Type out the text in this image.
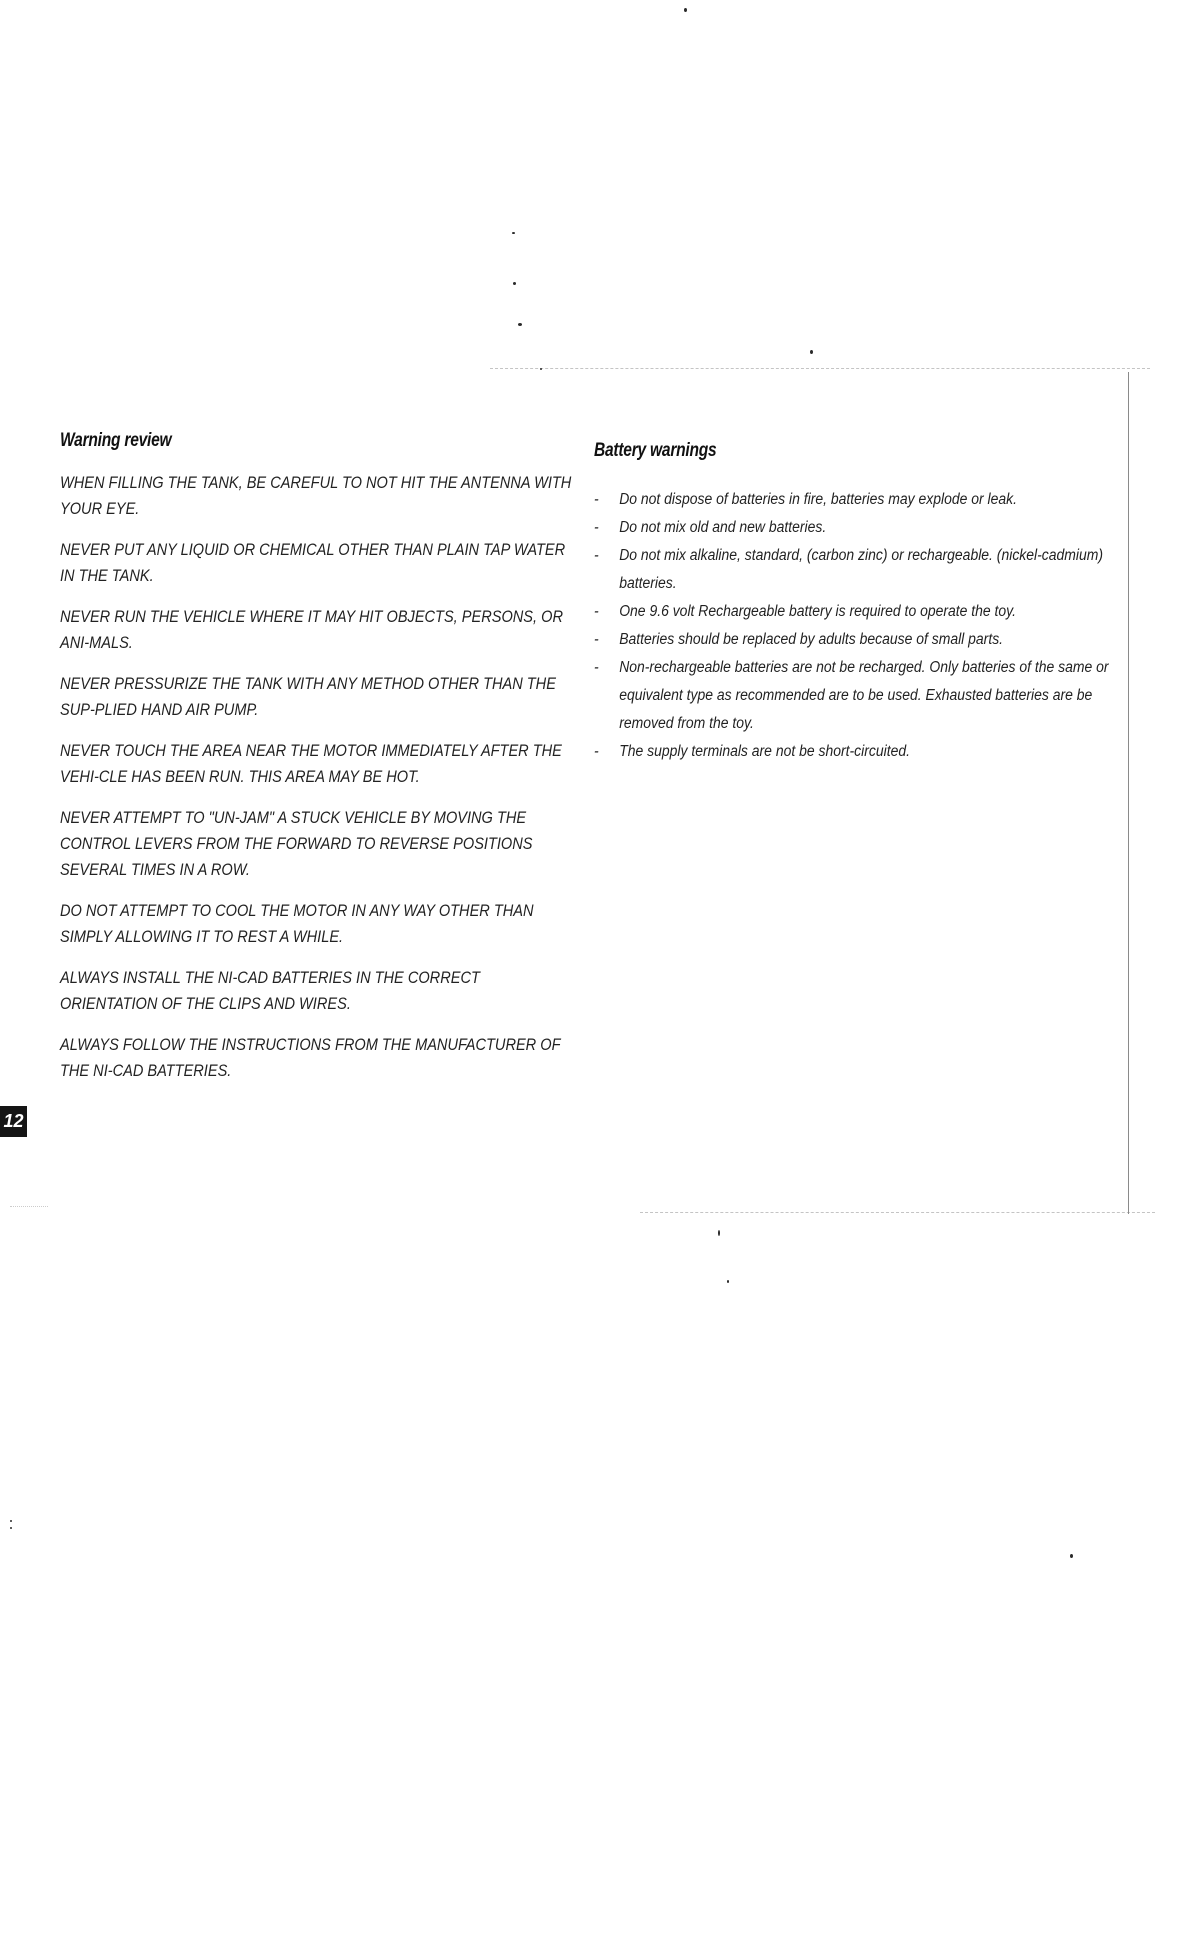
Warning review

WHEN FILLING THE TANK, BE CAREFUL TO NOT HIT THE ANTENNA WITH YOUR EYE.

NEVER PUT ANY LIQUID OR CHEMICAL OTHER THAN PLAIN TAP WATER IN THE TANK.

NEVER RUN THE VEHICLE WHERE IT MAY HIT OBJECTS, PERSONS, OR ANI-MALS.

NEVER PRESSURIZE THE TANK WITH ANY METHOD OTHER THAN THE SUP-PLIED HAND AIR PUMP.

NEVER TOUCH THE AREA NEAR THE MOTOR IMMEDIATELY AFTER THE VEHI-CLE HAS BEEN RUN. THIS AREA MAY BE HOT.

NEVER ATTEMPT TO "UN-JAM" A STUCK VEHICLE BY MOVING THE CONTROL LEVERS FROM THE FORWARD TO REVERSE POSITIONS SEVERAL TIMES IN A ROW.

DO NOT ATTEMPT TO COOL THE MOTOR IN ANY WAY OTHER THAN SIMPLY ALLOWING IT TO REST A WHILE.

ALWAYS INSTALL THE NI-CAD BATTERIES IN THE CORRECT ORIENTATION OF THE CLIPS AND WIRES.

ALWAYS FOLLOW THE INSTRUCTIONS FROM THE MANUFACTURER OF THE NI-CAD BATTERIES.

Battery warnings
- Do not dispose of batteries in fire, batteries may explode or leak.
- Do not mix old and new batteries.
- Do not mix alkaline, standard, (carbon zinc) or rechargeable. (nickel-cadmium) batteries.
- One 9.6 volt Rechargeable battery is required to operate the toy.
- Batteries should be replaced by adults because of small parts.
- Non-rechargeable batteries are not be recharged. Only batteries of the same or equivalent type as recommended are to be used. Exhausted batteries are be removed from the toy.
- The supply terminals are not be short-circuited.
12
